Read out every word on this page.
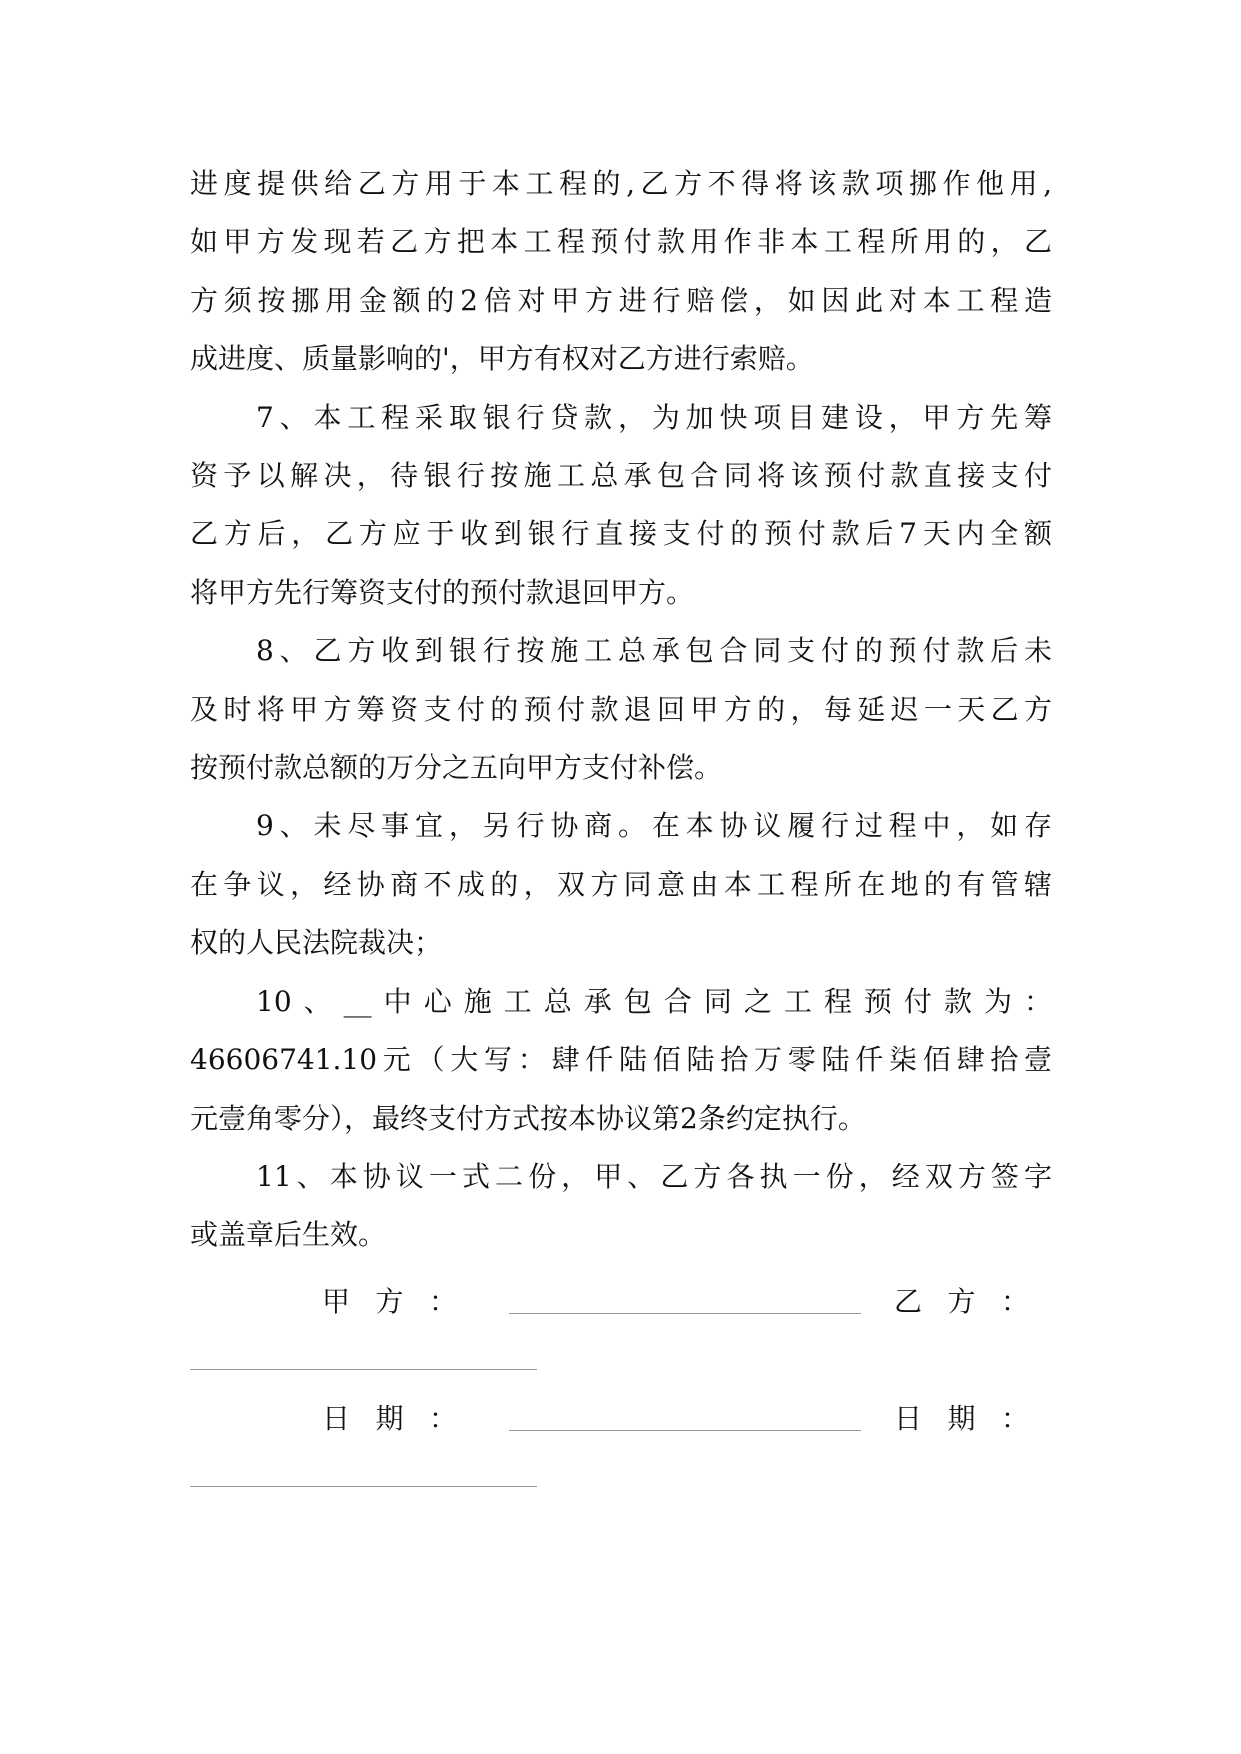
进度提供给乙方用于本工程的,乙方不得将该款项挪作他用,
如甲方发现若乙方把本工程预付款用作非本工程所用的，乙
方须按挪用金额的2倍对甲方进行赔偿，如因此对本工程造
成进度、质量影响的'，甲方有权对乙方进行索赔。
7、本工程采取银行贷款，为加快项目建设，甲方先筹
资予以解决，待银行按施工总承包合同将该预付款直接支付
乙方后，乙方应于收到银行直接支付的预付款后7天内全额
将甲方先行筹资支付的预付款退回甲方。
8、乙方收到银行按施工总承包合同支付的预付款后未
及时将甲方筹资支付的预付款退回甲方的，每延迟一天乙方
按预付款总额的万分之五向甲方支付补偿。
9、未尽事宜，另行协商。在本协议履行过程中，如存
在争议，经协商不成的，双方同意由本工程所在地的有管辖
权的人民法院裁决；
10、__中心施工总承包合同之工程预付款为：
46606741.10元（大写：肆仟陆佰陆拾万零陆仟柒佰肆拾壹
元壹角零分），最终支付方式按本协议第2条约定执行。
11、本协议一式二份，甲、乙方各执一份，经双方签字
或盖章后生效。
甲 方 ：	乙 方 ：
日 期 ：	日 期 ：
